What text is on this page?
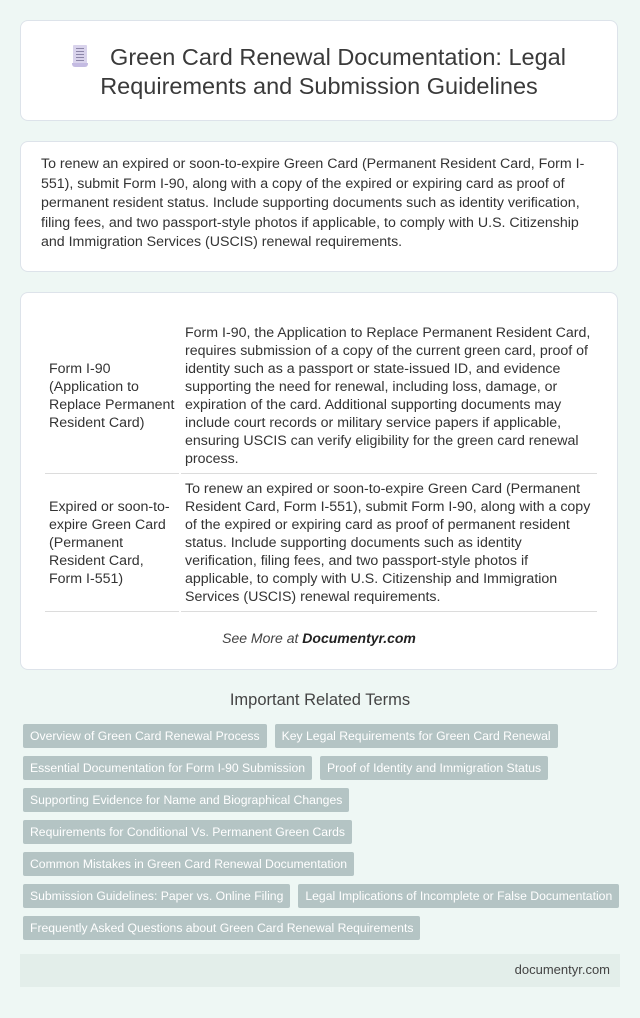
Green Card Renewal Documentation: Legal Requirements and Submission Guidelines
To renew an expired or soon-to-expire Green Card (Permanent Resident Card, Form I-551), submit Form I-90, along with a copy of the expired or expiring card as proof of permanent resident status. Include supporting documents such as identity verification, filing fees, and two passport-style photos if applicable, to comply with U.S. Citizenship and Immigration Services (USCIS) renewal requirements.
Form I-90 (Application to Replace Permanent Resident Card)	Form I-90, the Application to Replace Permanent Resident Card, requires submission of a copy of the current green card, proof of identity such as a passport or state-issued ID, and evidence supporting the need for renewal, including loss, damage, or expiration of the card. Additional supporting documents may include court records or military service papers if applicable, ensuring USCIS can verify eligibility for the green card renewal process.
Expired or soon-to-expire Green Card (Permanent Resident Card, Form I-551)	To renew an expired or soon-to-expire Green Card (Permanent Resident Card, Form I-551), submit Form I-90, along with a copy of the expired or expiring card as proof of permanent resident status. Include supporting documents such as identity verification, filing fees, and two passport-style photos if applicable, to comply with U.S. Citizenship and Immigration Services (USCIS) renewal requirements.
See More at Documentyr.com
Important Related Terms
Overview of Green Card Renewal Process	Key Legal Requirements for Green Card Renewal
Essential Documentation for Form I-90 Submission	Proof of Identity and Immigration Status
Supporting Evidence for Name and Biographical Changes
Requirements for Conditional Vs. Permanent Green Cards
Common Mistakes in Green Card Renewal Documentation
Submission Guidelines: Paper vs. Online Filing	Legal Implications of Incomplete or False Documentation
Frequently Asked Questions about Green Card Renewal Requirements
documentyr.com
